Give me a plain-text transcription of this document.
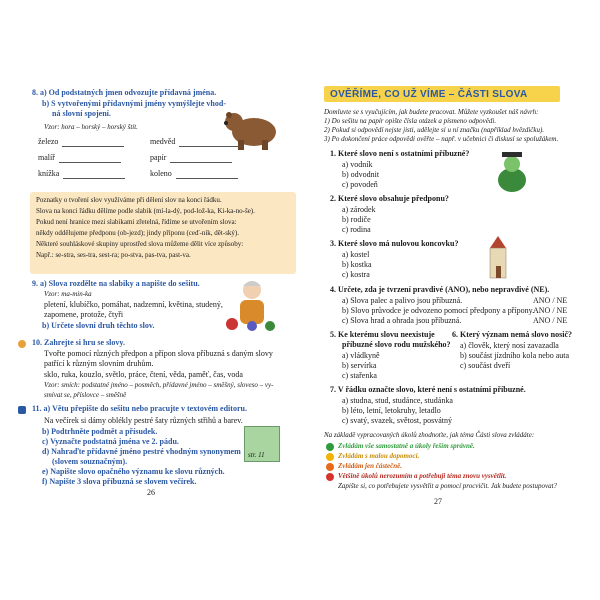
8. a) Od podstatných jmen odvozujte přídavná jména.
b) S vytvořenými přídavnými jmény vymýšlejte vhod-
ná slovní spojení.
Vzor: hora – horský – horský štít.
železo	medvěd
malíř	papír
knížka	koleno
Poznatky o tvoření slov využíváme při dělení slov na konci řádku.
Slova na konci řádku dělíme podle slabik (mí-la-dý, pod-lož-ka, Ki-ka-no-še).
Pokud není hranice mezi slabikami zřetelná, řídíme se utvořením slova:
někdy oddělujeme předponu (ob-jezd); jindy příponu (ceď-ník, dět-ský).
Některé souhláskové skupiny uprostřed slova můžeme dělit více způsoby:
Např.: se-stra, ses-tra, sest-ra; po-stva, pas-tva, past-va.
9. a) Slova rozdělte na slabiky a napište do sešitu.
Vzor: ma-min-ka
pletení, klubíčko, pomáhat, nadzemní, květina, studený,
zapomene, protože, čtyři
b) Určete slovní druh těchto slov.
10. Zahrejte si hru se slovy.
Tvořte pomocí různých předpon a přípon slova příbuzná s daným slovy
patřící k různým slovním druhům.
sklo, ruka, kouzlo, světlo, práce, čtení, věda, paměť, čas, voda
Vzor: smích: podstatné jméno – posměch, přídavné jméno – směšný, sloveso – vy-
smívat se, příslovce – směšně
11. a) Větu přepište do sešitu nebo pracujte v textovém editoru.
Na večírek si dámy oblékly pestré šaty různých střihů a barev.
b) Podtrhněte podmět a přísudek.
c) Vyznačte podstatná jména ve 2. pádu.
d) Nahraďte přídavné jméno pestré vhodným synonymem
(slovem souznačným).
e) Napište slovo opačného významu ke slovu různých.
f) Napište 3 slova příbuzná se slovem večírek.
str. 11
26
OVĚŘÍME, CO UŽ VÍME – ČÁSTI SLOVA
Domluvte se s vyučujícím, jak budete pracovat. Můžete vyzkoušet náš návrh:
1) Do sešitu na papír opište čísla otázek a písmeno odpovědi.
2) Pokud si odpovědí nejste jisti, udělejte si u ní značku (například hvězdičku).
3) Po dokončení práce odpovědi ověřte – např. v učebnici či diskusí se spolužákem.
1. Které slovo není s ostatními příbuzné?
a) vodník
b) odvodnit
c) povodeň
2. Které slovo obsahuje předponu?
a) zárodek
b) rodiče
c) rodina
3. Které slovo má nulovou koncovku?
a) kostel
b) kostka
c) kostra
4. Určete, zda je tvrzení pravdivé (ANO), nebo nepravdivé (NE).
a) Slova palec a palivo jsou příbuzná.	ANO / NE
b) Slovo průvodce je odvozeno pomocí předpony a přípony.
ANO / NE
c) Slova hrad a ohrada jsou příbuzná.	ANO / NE
5. Ke kterému slovu neexistuje
příbuzné slovo rodu mužského?
a) vládkyně
b) servírka
c) stařenka
6. Který význam nemá slovo nosič?
a) člověk, který nosí zavazadla
b) součást jízdního kola nebo auta
c) součást dveří
7. V řádku označte slovo, které není s ostatními příbuzné.
a) studna, stud, studánce, studánka
b) léto, letní, letokruhy, letadlo
c) svatý, svazek, světost, posvátný
Na základě vypracovaných úkolů zhodnoťte, jak téma Části slova zvládáte:
Zvládám vše samostatně a úkoly řeším správně.
Zvládám s malou dopomocí.
Zvládám jen částečně.
Většině úkolů nerozumím a potřebuji téma znovu vysvětlit.
Zapište si, co potřebujete vysvětlit a pomocí procvičit. Jak budete postupovat?
27
